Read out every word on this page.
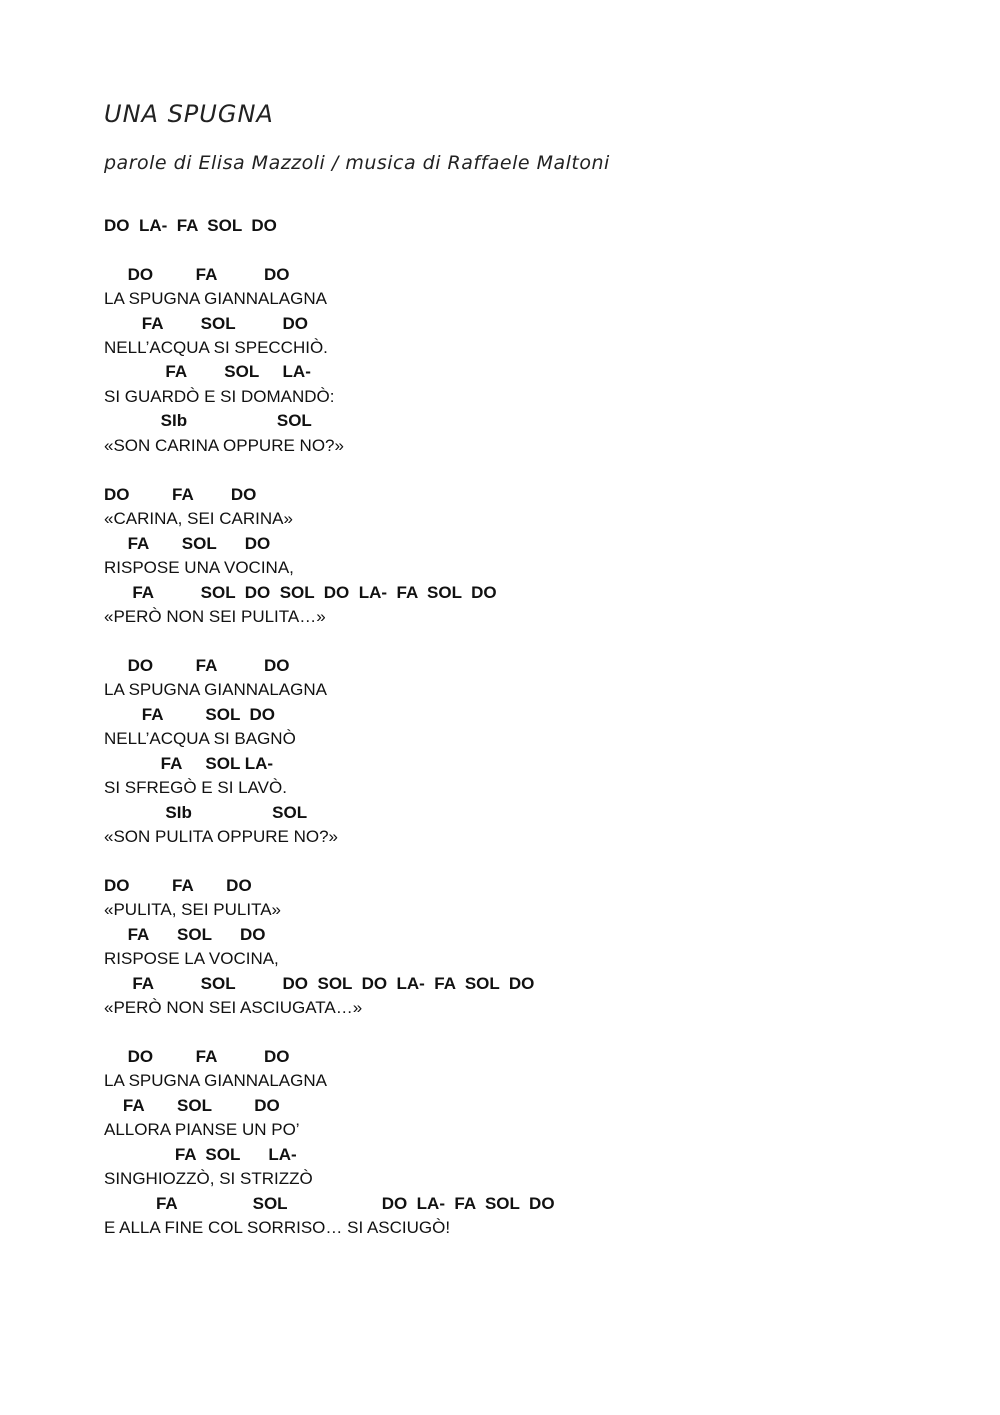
UNA SPUGNA
parole di Elisa Mazzoli / musica di Raffaele Maltoni
DO  LA-  FA  SOL  DO
DO         FA          DO
LA SPUGNA GIANNALAGNA
FA        SOL          DO
NELL’ACQUA SI SPECCHIÒ.
FA        SOL     LA-
SI GUARDÒ E SI DOMANDÒ:
SIb                   SOL
«SON CARINA OPPURE NO?»
DO         FA        DO
«CARINA, SEI CARINA»
FA       SOL      DO
RISPOSE UNA VOCINA,
FA          SOL  DO  SOL  DO  LA-  FA  SOL  DO
«PERÒ NON SEI PULITA…»
DO         FA          DO
LA SPUGNA GIANNALAGNA
FA         SOL  DO
NELL’ACQUA SI BAGNÒ
FA     SOL LA-
SI SFREGÒ E SI LAVÒ.
SIb                 SOL
«SON PULITA OPPURE NO?»
DO         FA       DO
«PULITA, SEI PULITA»
FA      SOL      DO
RISPOSE LA VOCINA,
FA          SOL          DO  SOL  DO  LA-  FA  SOL  DO
«PERÒ NON SEI ASCIUGATA…»
DO         FA          DO
LA SPUGNA GIANNALAGNA
FA       SOL         DO
ALLORA PIANSE UN PO’
FA  SOL      LA-
SINGHIOZZÒ, SI STRIZZÒ
FA                SOL                    DO  LA-  FA  SOL  DO
E ALLA FINE COL SORRISO… SI ASCIUGÒ!
